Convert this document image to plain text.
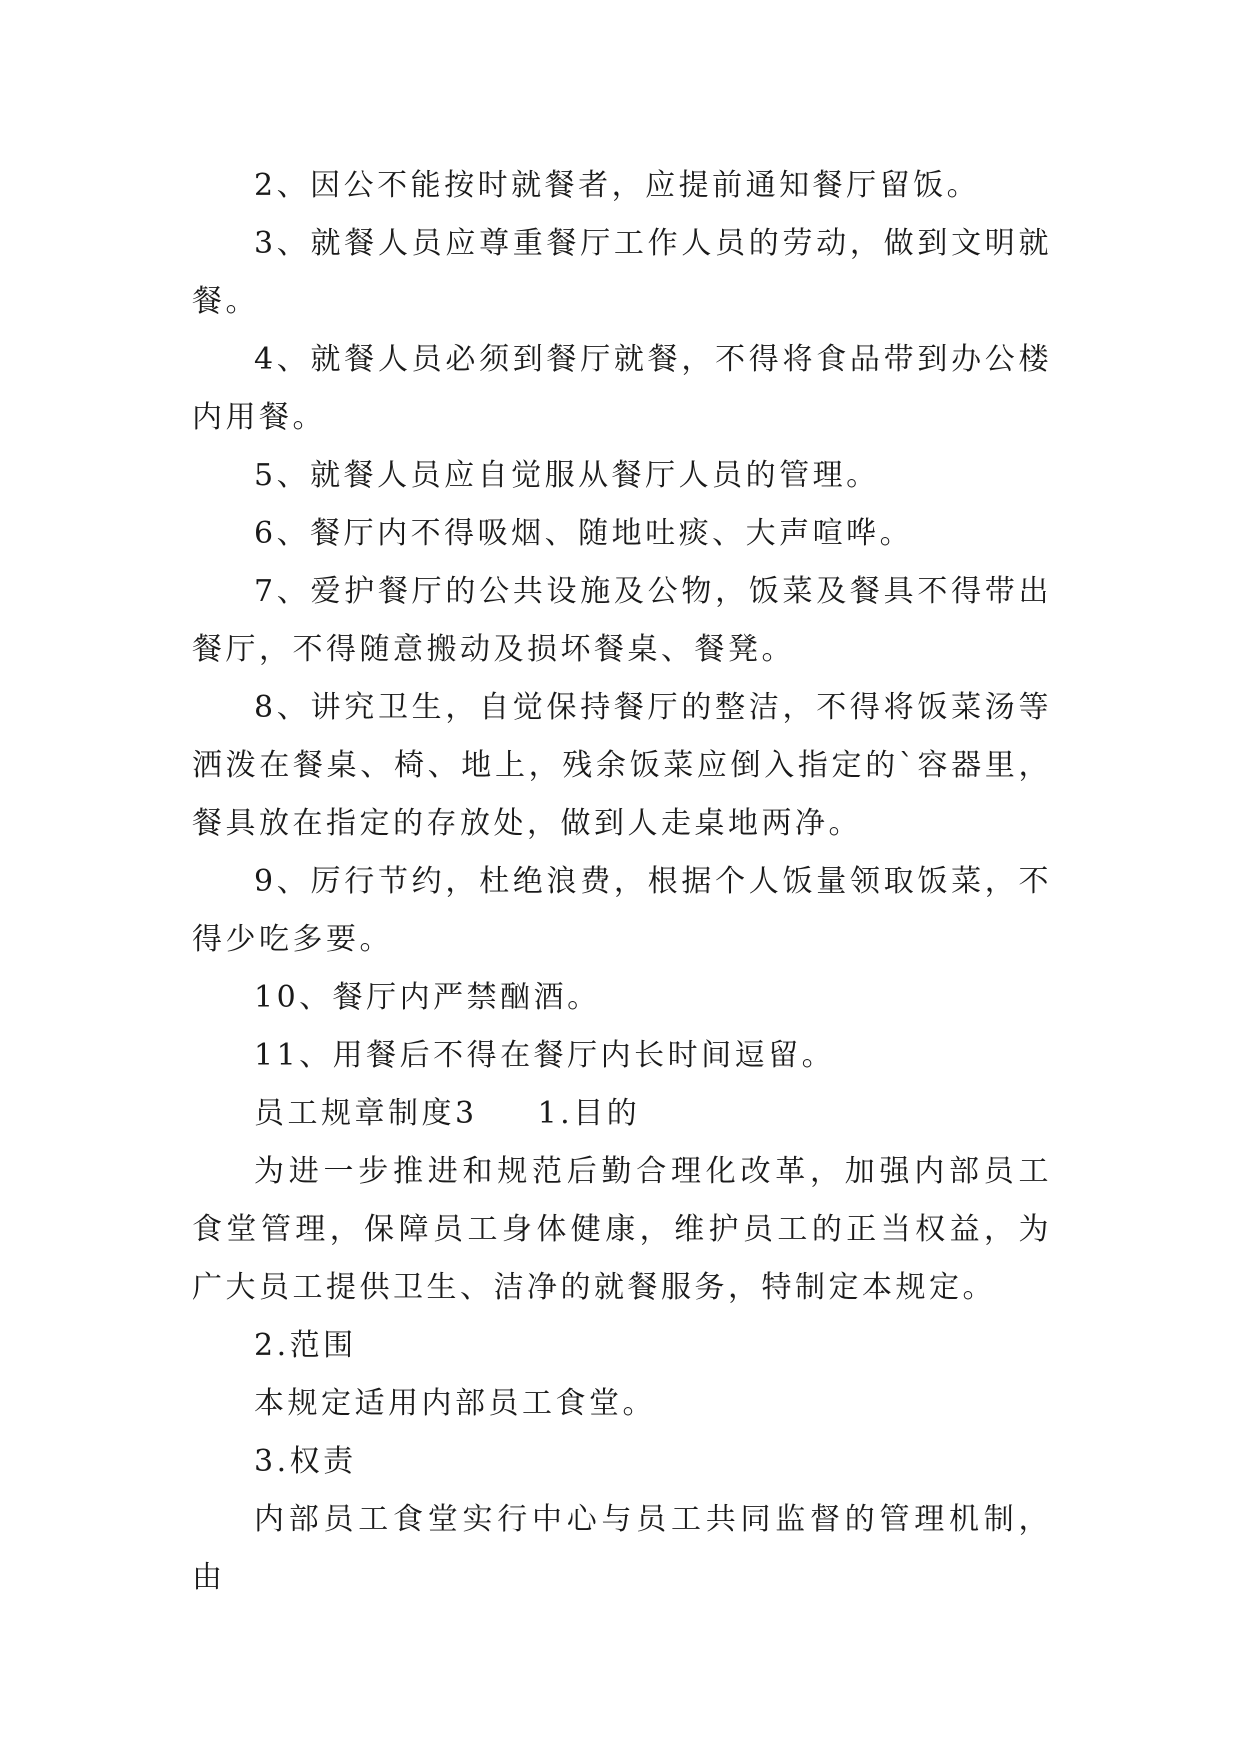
2、因公不能按时就餐者，应提前通知餐厅留饭。

3、就餐人员应尊重餐厅工作人员的劳动，做到文明就餐。

4、就餐人员必须到餐厅就餐，不得将食品带到办公楼内用餐。

5、就餐人员应自觉服从餐厅人员的管理。

6、餐厅内不得吸烟、随地吐痰、大声喧哗。

7、爱护餐厅的公共设施及公物，饭菜及餐具不得带出餐厅，不得随意搬动及损坏餐桌、餐凳。

8、讲究卫生，自觉保持餐厅的整洁，不得将饭菜汤等洒泼在餐桌、椅、地上，残余饭菜应倒入指定的`容器里，餐具放在指定的存放处，做到人走桌地两净。

9、厉行节约，杜绝浪费，根据个人饭量领取饭菜，不得少吃多要。

10、餐厅内严禁酗酒。

11、用餐后不得在餐厅内长时间逗留。

员工规章制度3 1.目的

为进一步推进和规范后勤合理化改革，加强内部员工食堂管理，保障员工身体健康，维护员工的正当权益，为广大员工提供卫生、洁净的就餐服务，特制定本规定。

2.范围

本规定适用内部员工食堂。

3.权责

内部员工食堂实行中心与员工共同监督的管理机制，由
